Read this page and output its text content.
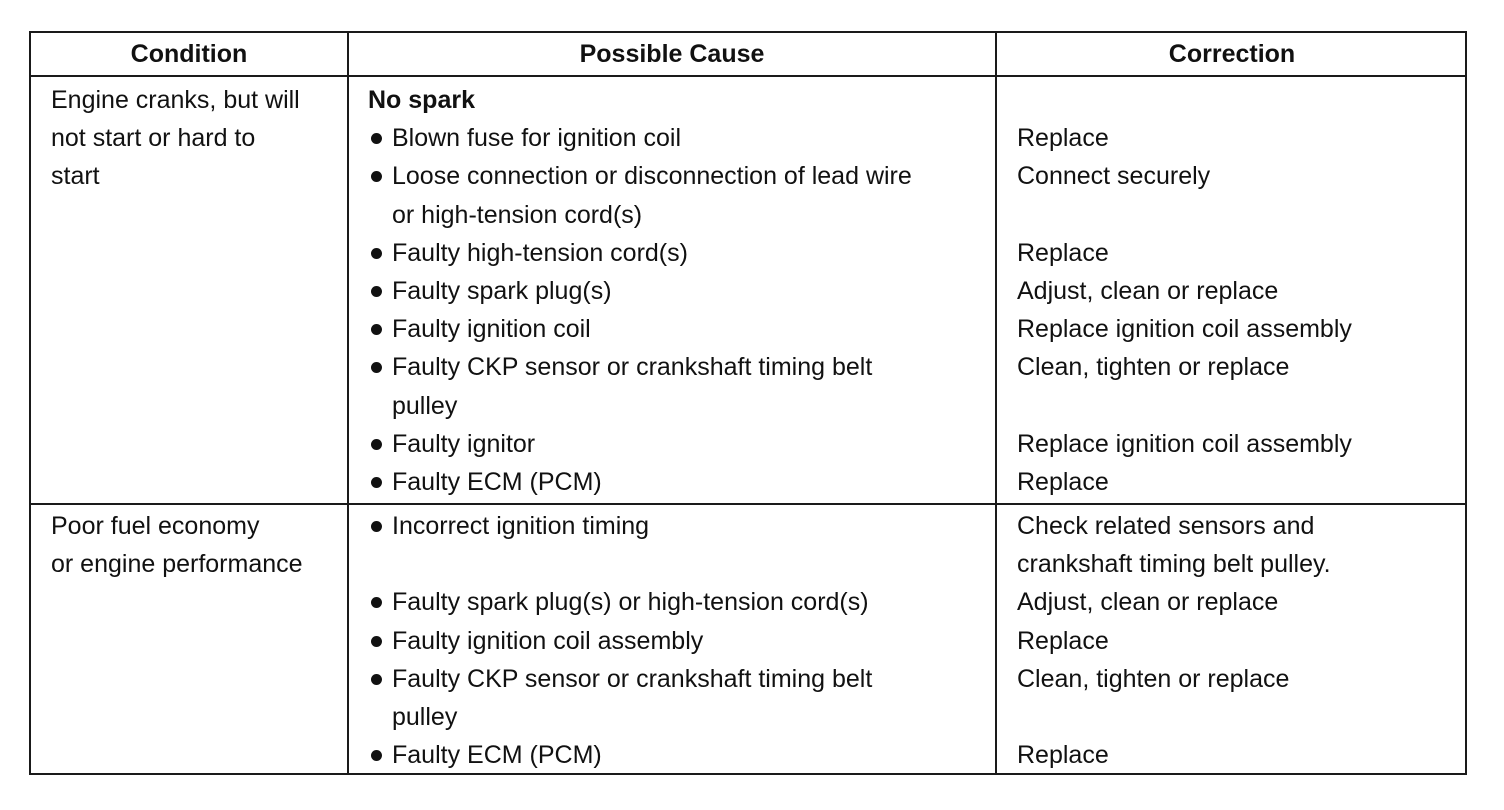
Condition	Possible Cause	Correction
Engine cranks, but will
not start or hard to
start
No spark
Blown fuse for ignition coil
Loose connection or disconnection of lead wire
or high-tension cord(s)
Faulty high-tension cord(s)
Faulty spark plug(s)
Faulty ignition coil
Faulty CKP sensor or crankshaft timing belt
pulley
Faulty ignitor
Faulty ECM (PCM)
Replace
Connect securely
Replace
Adjust, clean or replace
Replace ignition coil assembly
Clean, tighten or replace
Replace ignition coil assembly
Replace
Poor fuel economy
or engine performance
Incorrect ignition timing
Faulty spark plug(s) or high-tension cord(s)
Faulty ignition coil assembly
Faulty CKP sensor or crankshaft timing belt
pulley
Faulty ECM (PCM)
Check related sensors and
crankshaft timing belt pulley.
Adjust, clean or replace
Replace
Clean, tighten or replace
Replace
